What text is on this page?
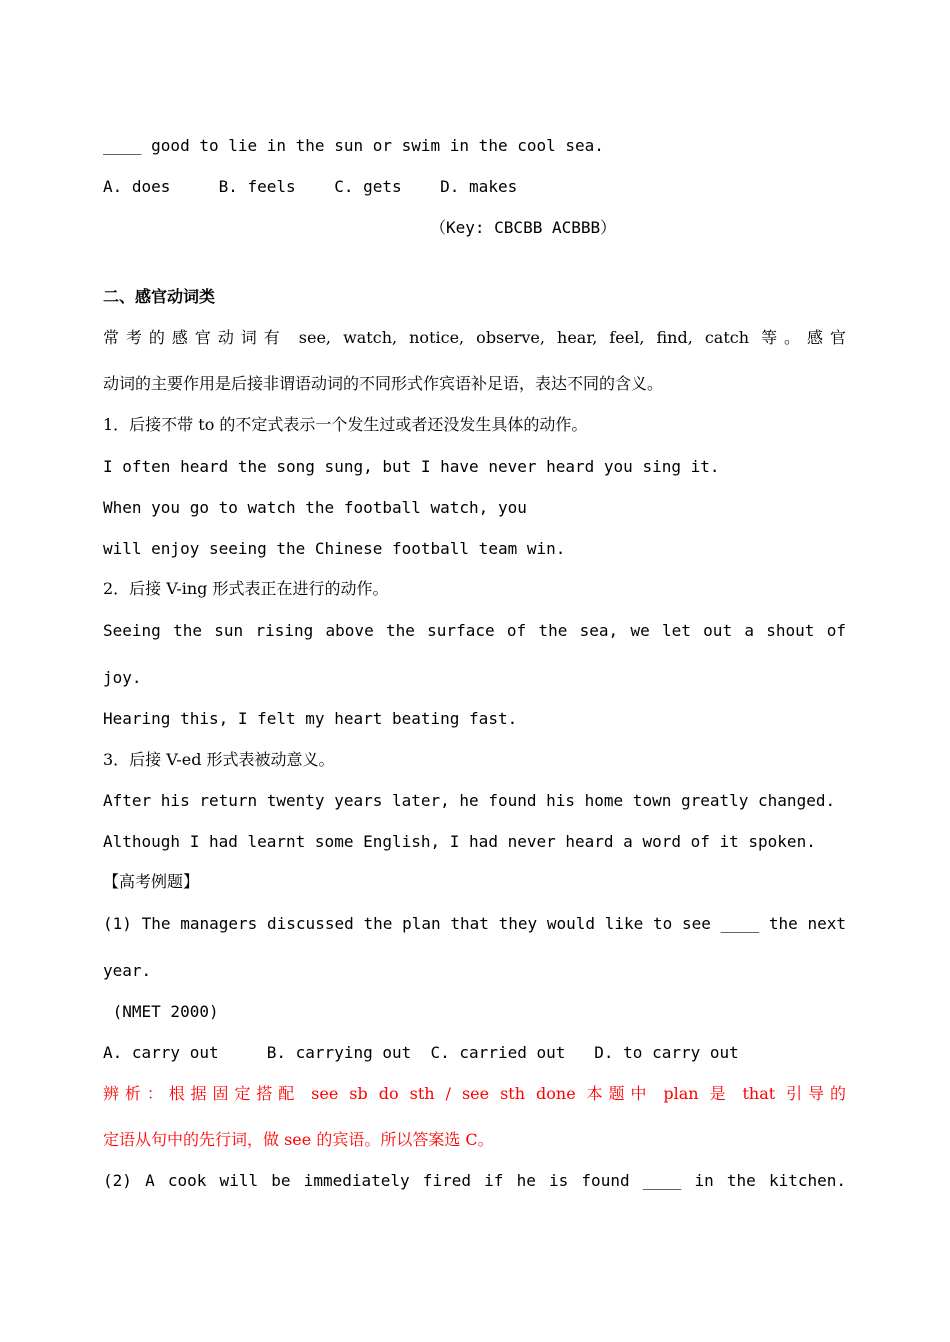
____ good to lie in the sun or swim in the cool sea.
A. does     B. feels    C. gets    D. makes
（Key: CBCBB ACBBB）
二、感官动词类
常考的感官动词有 see, watch, notice, observe, hear, feel, find, catch 等。感官
动词的主要作用是后接非谓语动词的不同形式作宾语补足语，表达不同的含义。
1．后接不带 to 的不定式表示一个发生过或者还没发生具体的动作。
I often heard the song sung, but I have never heard you sing it.
When you go to watch the football watch, you
will enjoy seeing the Chinese football team win.
2．后接 V-ing 形式表正在进行的动作。
Seeing the sun rising above the surface of the sea, we let out a shout of
joy.
Hearing this, I felt my heart beating fast.
3．后接 V-ed 形式表被动意义。
After his return twenty years later, he found his home town greatly changed.
Although I had learnt some English, I had never heard a word of it spoken.
【高考例题】
(1) The managers discussed the plan that they would like to see ____ the next
year.
(NMET 2000)
A. carry out     B. carrying out  C. carried out   D. to carry out
辨析：根据固定搭配 see sb do sth / see sth done 本题中 plan 是 that 引导的
定语从句中的先行词，做 see 的宾语。所以答案选 C。
(2) A cook will be immediately fired if he is found ____ in the kitchen.
